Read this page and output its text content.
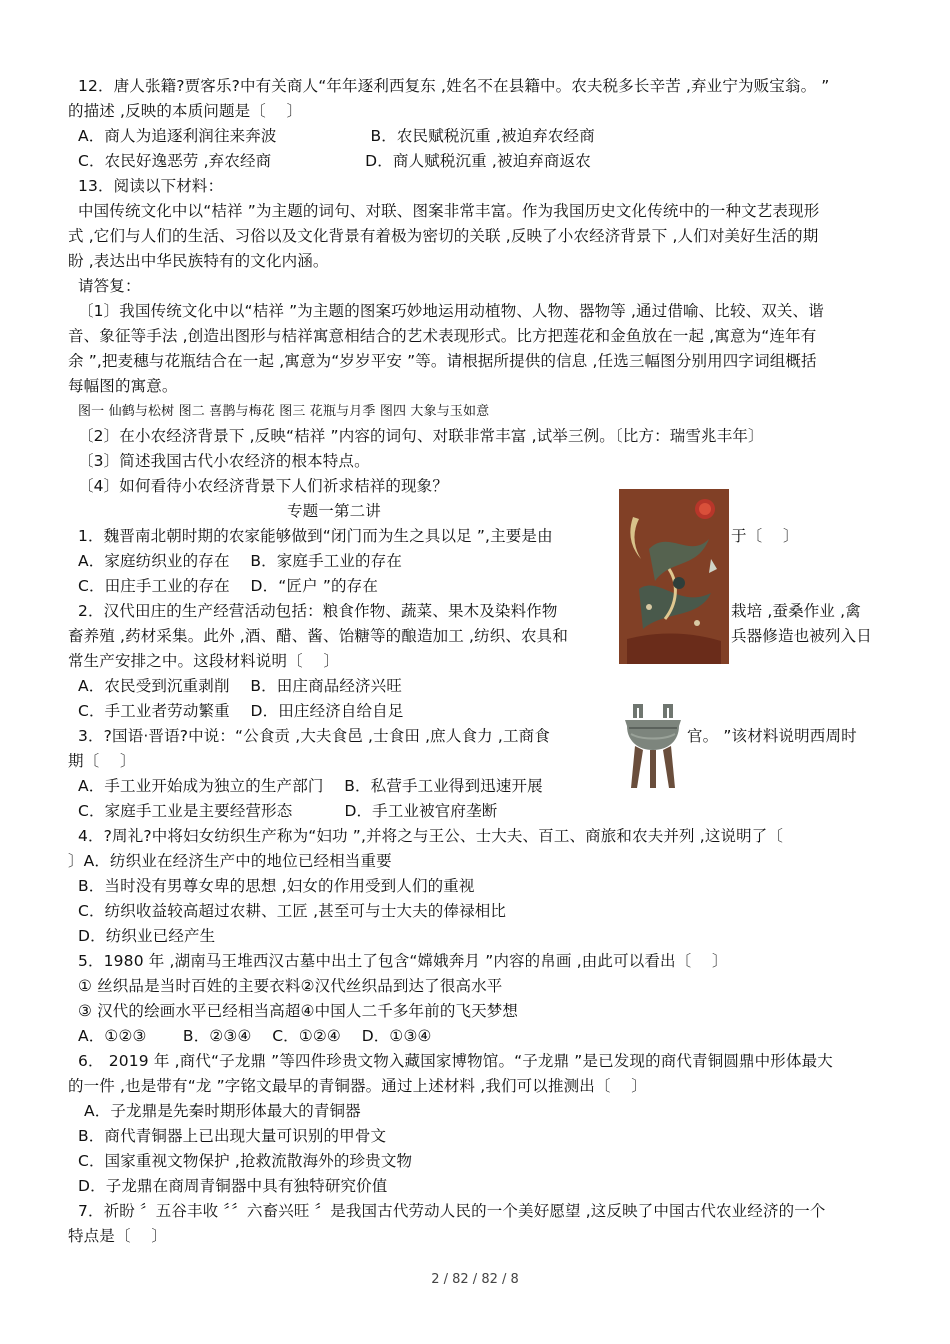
12．唐人张籍?贾客乐?中有关商人“年年逐利西复东 ,姓名不在县籍中。农夫税多长辛苦 ,弃业宁为贩宝翁。 ”
的描述 ,反映的本质问题是〔　 〕
A．商人为追逐利润往来奔波　　　　　　B．农民赋税沉重 ,被迫弃农经商
C．农民好逸恶劳 ,弃农经商　　　　　　D．商人赋税沉重 ,被迫弃商返农
13．阅读以下材料：
中国传统文化中以“桔祥 ”为主题的词句、对联、图案非常丰富。作为我国历史文化传统中的一种文艺表现形
式 ,它们与人们的生活、习俗以及文化背景有着极为密切的关联 ,反映了小农经济背景下 ,人们对美好生活的期
盼 ,表达出中华民族特有的文化内涵。
请答复：
〔1〕我国传统文化中以“桔祥 ”为主题的图案巧妙地运用动植物、人物、器物等 ,通过借喻、比较、双关、谐
音、象征等手法 ,创造出图形与桔祥寓意相结合的艺术表现形式。比方把莲花和金鱼放在一起 ,寓意为“连年有
余 ”,把麦穗与花瓶结合在一起 ,寓意为“岁岁平安 ”等。请根据所提供的信息 ,任选三幅图分别用四字词组概括
每幅图的寓意。
图一 仙鹤与松树 图二 喜鹊与梅花 图三 花瓶与月季 图四 大象与玉如意
〔2〕在小农经济背景下 ,反映“桔祥 ”内容的词句、对联非常丰富 ,试举三例。〔比方：瑞雪兆丰年〕
〔3〕简述我国古代小农经济的根本特点。
〔4〕如何看待小农经济背景下人们祈求桔祥的现象？
专题一第二讲
1．魏晋南北朝时期的农家能够做到“闭门而为生之具以足 ”,主要是由	于〔　 〕
A．家庭纺织业的存在　 B．家庭手工业的存在
C．田庄手工业的存在　 D．“匠户 ”的存在
2．汉代田庄的生产经营活动包括：粮食作物、蔬菜、果木及染料作物	栽培 ,蚕桑作业 ,禽
畜养殖 ,药材采集。此外 ,酒、醋、酱、饴糖等的酿造加工 ,纺织、农具和	兵器修造也被列入日
常生产安排之中。这段材料说明〔　 〕
A．农民受到沉重剥削　 B．田庄商品经济兴旺
C．手工业者劳动繁重　 D．田庄经济自给自足
3．?国语·晋语?中说：“公食贡 ,大夫食邑 ,士食田 ,庶人食力 ,工商食	官。 ”该材料说明西周时
期〔　 〕
A．手工业开始成为独立的生产部门　 B．私营手工业得到迅速开展
C．家庭手工业是主要经营形态　　　 D．手工业被官府垄断
4．?周礼?中将妇女纺织生产称为“妇功 ”,并将之与王公、士大夫、百工、商旅和农夫并列 ,这说明了〔
〕A．纺织业在经济生产中的地位已经相当重要
B．当时没有男尊女卑的思想 ,妇女的作用受到人们的重视
C．纺织收益较高超过农耕、工匠 ,甚至可与士大夫的俸禄相比
D．纺织业已经产生
5．1980 年 ,湖南马王堆西汉古墓中出土了包含“嫦娥奔月 ”内容的帛画 ,由此可以看出〔　 〕
① 丝织品是当时百姓的主要衣料②汉代丝织品到达了很高水平
③ 汉代的绘画水平已经相当高超④中国人二千多年前的飞天梦想
A．①②③　　 B．②③④　 C．①②④　 D．①③④
6． 2019 年 ,商代“子龙鼎 ”等四件珍贵文物入藏国家博物馆。“子龙鼎 ”是已发现的商代青铜圆鼎中形体最大
的一件 ,也是带有“龙 ”字铭文最早的青铜器。通过上述材料 ,我们可以推测出〔　 〕
A．子龙鼎是先秦时期形体最大的青铜器
B．商代青铜器上已出现大量可识别的甲骨文
C．国家重视文物保护 ,抢救流散海外的珍贵文物
D．子龙鼎在商周青铜器中具有独特研究价值
7．祈盼 〞五谷丰收 〞〞六畜兴旺 〞是我国古代劳动人民的一个美好愿望 ,这反映了中国古代农业经济的一个
特点是〔　 〕
2 / 82 / 82 / 8
